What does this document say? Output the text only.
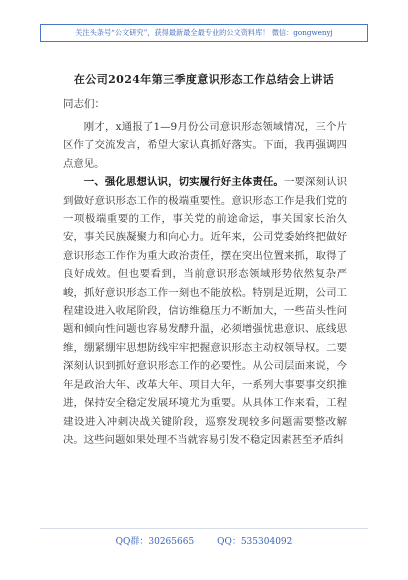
关注头条号“公文研究”，获得最新最全最专业的公文资料库！ 微信：gongwenyj
在公司2024年第三季度意识形态工作总结会上讲话
同志们：

刚才，x通报了1—9月份公司意识形态领域情况，三个片区作了交流发言，希望大家认真抓好落实。下面，我再强调四点意见。

一、强化思想认识，切实履行好主体责任。一要深刻认识到做好意识形态工作的极端重要性。意识形态工作是我们党的一项极端重要的工作，事关党的前途命运，事关国家长治久安，事关民族凝聚力和向心力。近年来，公司党委始终把做好意识形态工作作为重大政治责任，摆在突出位置来抓，取得了良好成效。但也要看到，当前意识形态领域形势依然复杂严峻，抓好意识形态工作一刻也不能放松。特别是近期，公司工程建设进入收尾阶段，信访维稳压力不断加大，一些苗头性问题和倾向性问题也容易发酵升温，必须增强忧患意识、底线思维，绷紧绷牢思想防线牢牢把握意识形态主动权领导权。二要深刻认识到抓好意识形态工作的必要性。从公司层面来说，今年是政治大年、改革大年、项目大年，一系列大事要事交织推进，保持安全稳定发展环境尤为重要。从具体工作来看，工程建设进入冲刺决战关键阶段，巡察发现较多问题需要整改解决。这些问题如果处理不当就容易引发不稳定因素甚至矛盾纠

QQ群：30265665	QQ：535304092
